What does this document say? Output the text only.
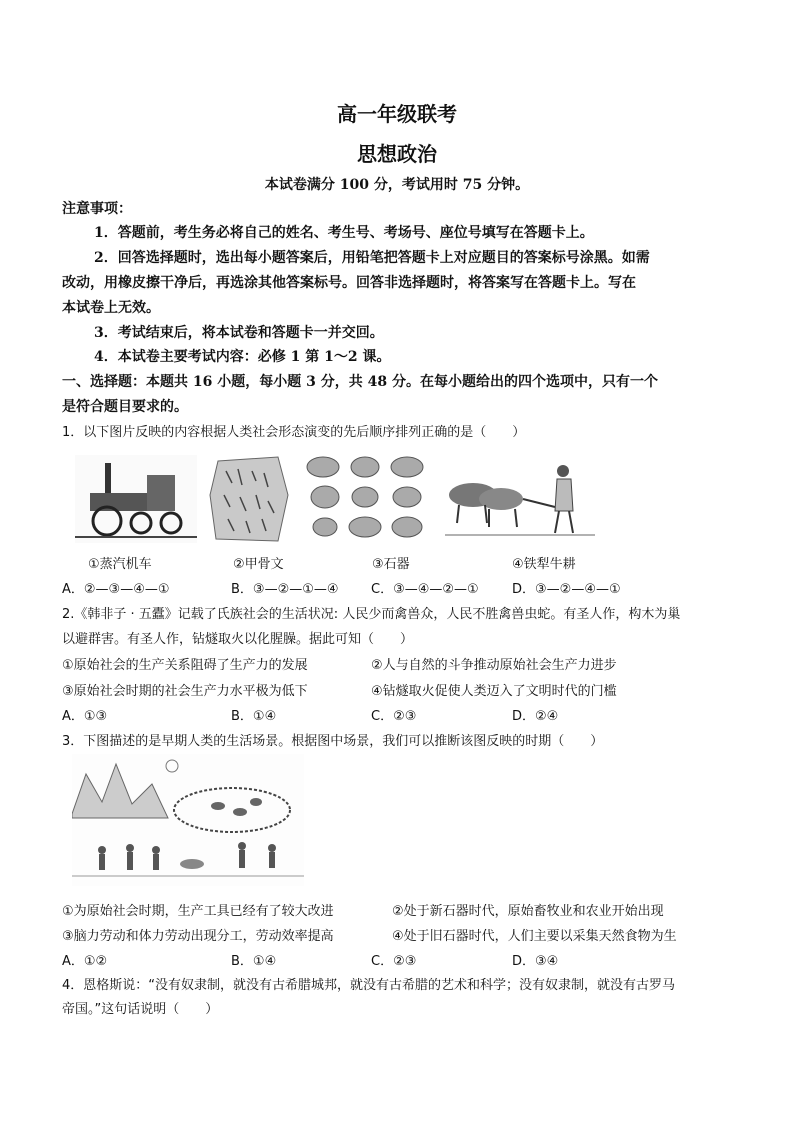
高一年级联考
思想政治
本试卷满分 100 分，考试用时 75 分钟。
注意事项：
1．答题前，考生务必将自己的姓名、考生号、考场号、座位号填写在答题卡上。
2．回答选择题时，选出每小题答案后，用铅笔把答题卡上对应题目的答案标号涂黑。如需
改动，用橡皮擦干净后，再选涂其他答案标号。回答非选择题时，将答案写在答题卡上。写在
本试卷上无效。
3．考试结束后，将本试卷和答题卡一并交回。
4．本试卷主要考试内容：必修 1 第 1～2 课。
一、选择题：本题共 16 小题，每小题 3 分，共 48 分。在每小题给出的四个选项中，只有一个
是符合题目要求的。
1．以下图片反映的内容根据人类社会形态演变的先后顺序排列正确的是（　　）
①蒸汽机车	②甲骨文	③石器	④铁犁牛耕
A．②—③—④—①	B．③—②—①—④ C．③—④—②—①	D．③—②—④—①
2.《韩非子 · 五蠹》记载了氏族社会的生活状况: 人民少而禽兽众，人民不胜禽兽虫蛇。有圣人作，构木为巢
以避群害。有圣人作，钻燧取火以化腥臊。据此可知（　　）
①原始社会的生产关系阻碍了生产力的发展	②人与自然的斗争推动原始社会生产力进步
③原始社会时期的社会生产力水平极为低下	④钻燧取火促使人类迈入了文明时代的门槛
A．①③	B．①④	C．②③	D．②④
3．下图描述的是早期人类的生活场景。根据图中场景，我们可以推断该图反映的时期（　　）
①为原始社会时期，生产工具已经有了较大改进	②处于新石器时代，原始畜牧业和农业开始出现
③脑力劳动和体力劳动出现分工，劳动效率提高	④处于旧石器时代，人们主要以采集天然食物为生
A．①②	B．①④	C．②③	D．③④
4．恩格斯说：“没有奴隶制，就没有古希腊城邦，就没有古希腊的艺术和科学；没有奴隶制，就没有古罗马
帝国。”这句话说明（　　）
